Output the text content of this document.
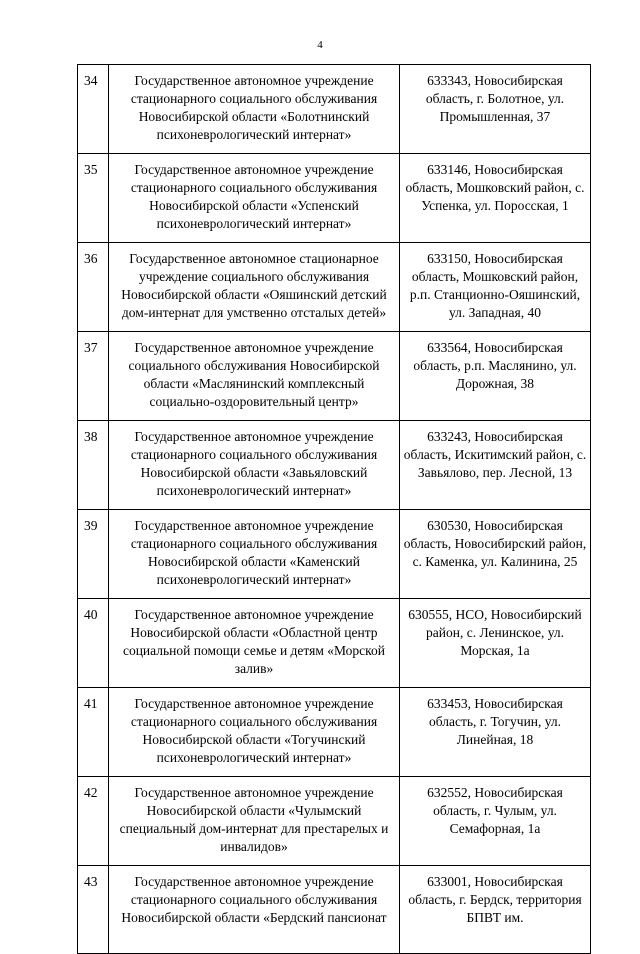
4
34	Государственное автономное учреждение стационарного социального обслуживания Новосибирской области «Болотнинский психоневрологический интернат»	633343, Новосибирская область, г. Болотное, ул. Промышленная, 37
35	Государственное автономное учреждение стационарного социального обслуживания Новосибирской области «Успенский психоневрологический интернат»	633146, Новосибирская область, Мошковский район, с. Успенка, ул. Поросская, 1
36	Государственное автономное стационарное учреждение социального обслуживания Новосибирской области «Ояшинский детский дом-интернат для умственно отсталых детей»	633150, Новосибирская область, Мошковский район, р.п. Станционно-Ояшинский, ул. Западная, 40
37	Государственное автономное учреждение социального обслуживания Новосибирской области «Маслянинский комплексный социально-оздоровительный центр»	633564, Новосибирская область, р.п. Маслянино, ул. Дорожная, 38
38	Государственное автономное учреждение стационарного социального обслуживания Новосибирской области «Завьяловский психоневрологический интернат»	633243, Новосибирская область, Искитимский район, с. Завьялово, пер. Лесной, 13
39	Государственное автономное учреждение стационарного социального обслуживания Новосибирской области «Каменский психоневрологический интернат»	630530, Новосибирская область, Новосибирский район, с. Каменка, ул. Калинина, 25
40	Государственное автономное учреждение Новосибирской области «Областной центр социальной помощи семье и детям «Морской залив»	630555, НСО, Новосибирский район, с. Ленинское, ул. Морская, 1а
41	Государственное автономное учреждение стационарного социального обслуживания Новосибирской области «Тогучинский психоневрологический интернат»	633453, Новосибирская область, г. Тогучин, ул. Линейная, 18
42	Государственное автономное учреждение Новосибирской области «Чулымский специальный дом-интернат для престарелых и инвалидов»	632552, Новосибирская область, г. Чулым, ул. Семафорная, 1а
43	Государственное автономное учреждение стационарного социального обслуживания Новосибирской области «Бердский пансионат	633001, Новосибирская область, г. Бердск, территория БПВТ им.
